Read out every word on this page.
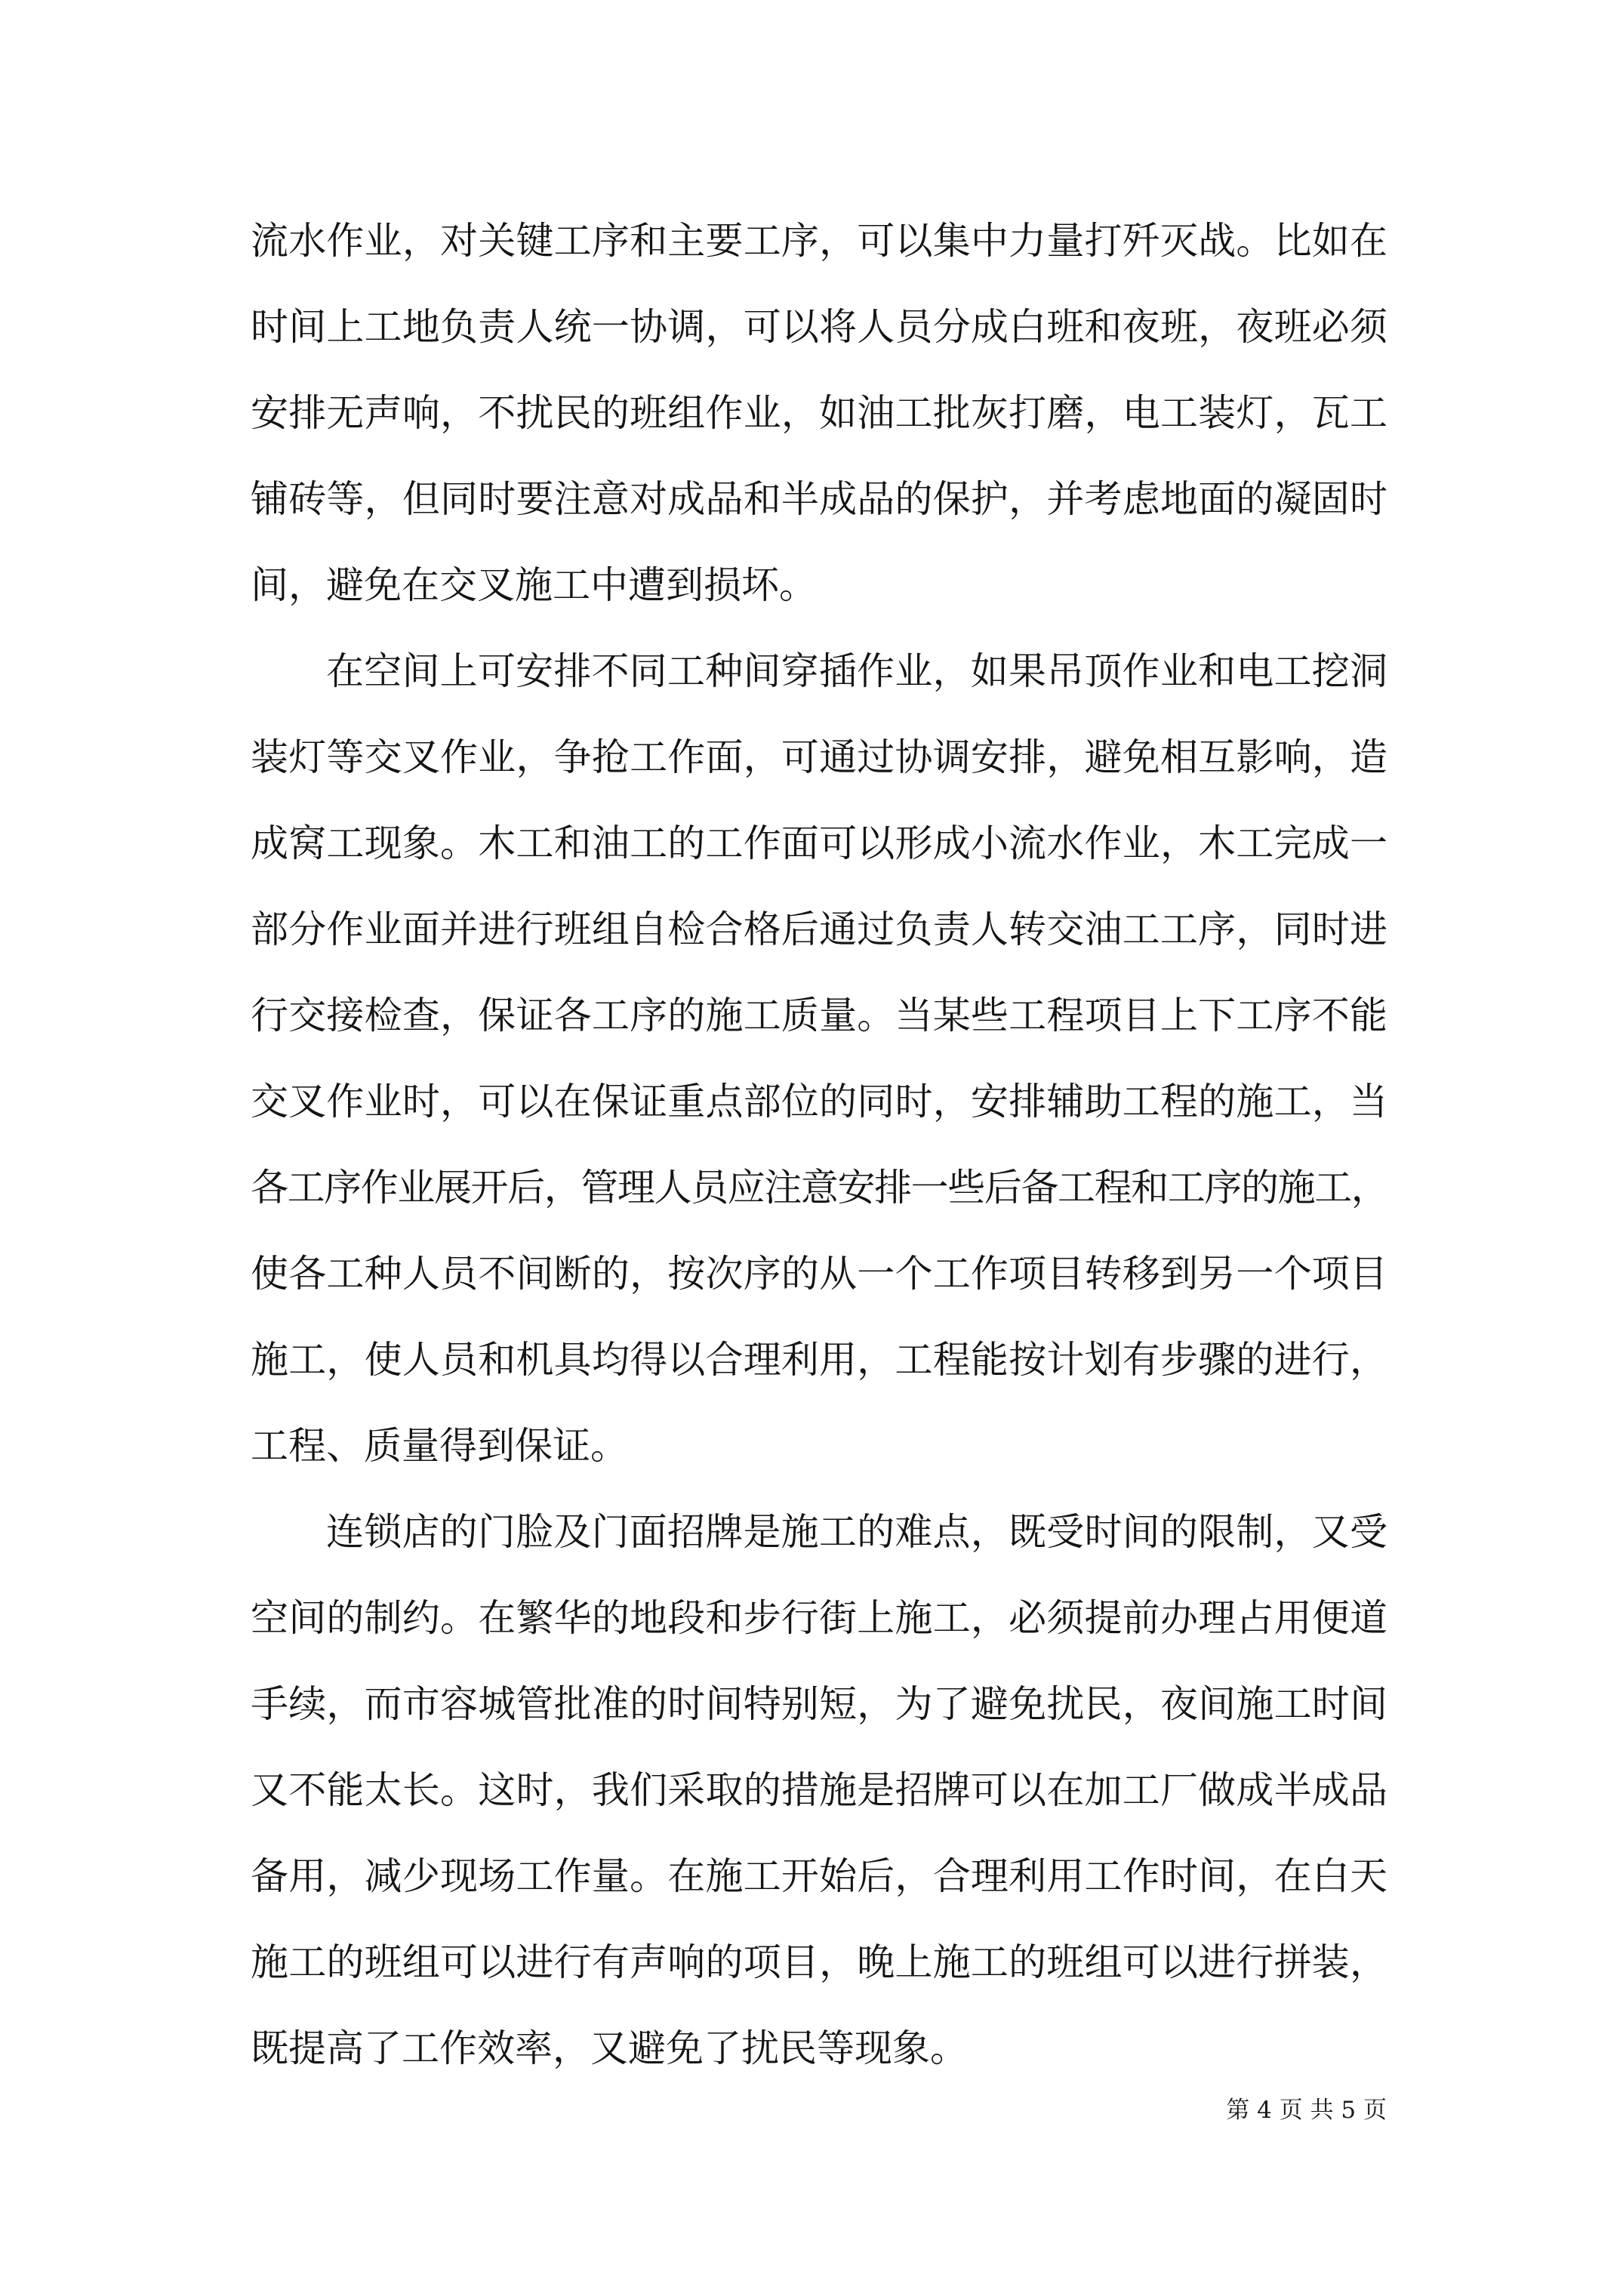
流水作业，对关键工序和主要工序，可以集中力量打歼灭战。比如在
时间上工地负责人统一协调，可以将人员分成白班和夜班，夜班必须
安排无声响，不扰民的班组作业，如油工批灰打磨，电工装灯，瓦工
铺砖等，但同时要注意对成品和半成品的保护，并考虑地面的凝固时
间，避免在交叉施工中遭到损坏。
在空间上可安排不同工种间穿插作业，如果吊顶作业和电工挖洞
装灯等交叉作业，争抢工作面，可通过协调安排，避免相互影响，造
成窝工现象。木工和油工的工作面可以形成小流水作业，木工完成一
部分作业面并进行班组自检合格后通过负责人转交油工工序，同时进
行交接检查，保证各工序的施工质量。当某些工程项目上下工序不能
交叉作业时，可以在保证重点部位的同时，安排辅助工程的施工，当
各工序作业展开后，管理人员应注意安排一些后备工程和工序的施工，
使各工种人员不间断的，按次序的从一个工作项目转移到另一个项目
施工，使人员和机具均得以合理利用，工程能按计划有步骤的进行，
工程、质量得到保证。
连锁店的门脸及门面招牌是施工的难点，既受时间的限制，又受
空间的制约。在繁华的地段和步行街上施工，必须提前办理占用便道
手续，而市容城管批准的时间特别短，为了避免扰民，夜间施工时间
又不能太长。这时，我们采取的措施是招牌可以在加工厂做成半成品
备用，减少现场工作量。在施工开始后，合理利用工作时间，在白天
施工的班组可以进行有声响的项目，晚上施工的班组可以进行拼装，
既提高了工作效率，又避免了扰民等现象。
第 4 页 共 5 页
